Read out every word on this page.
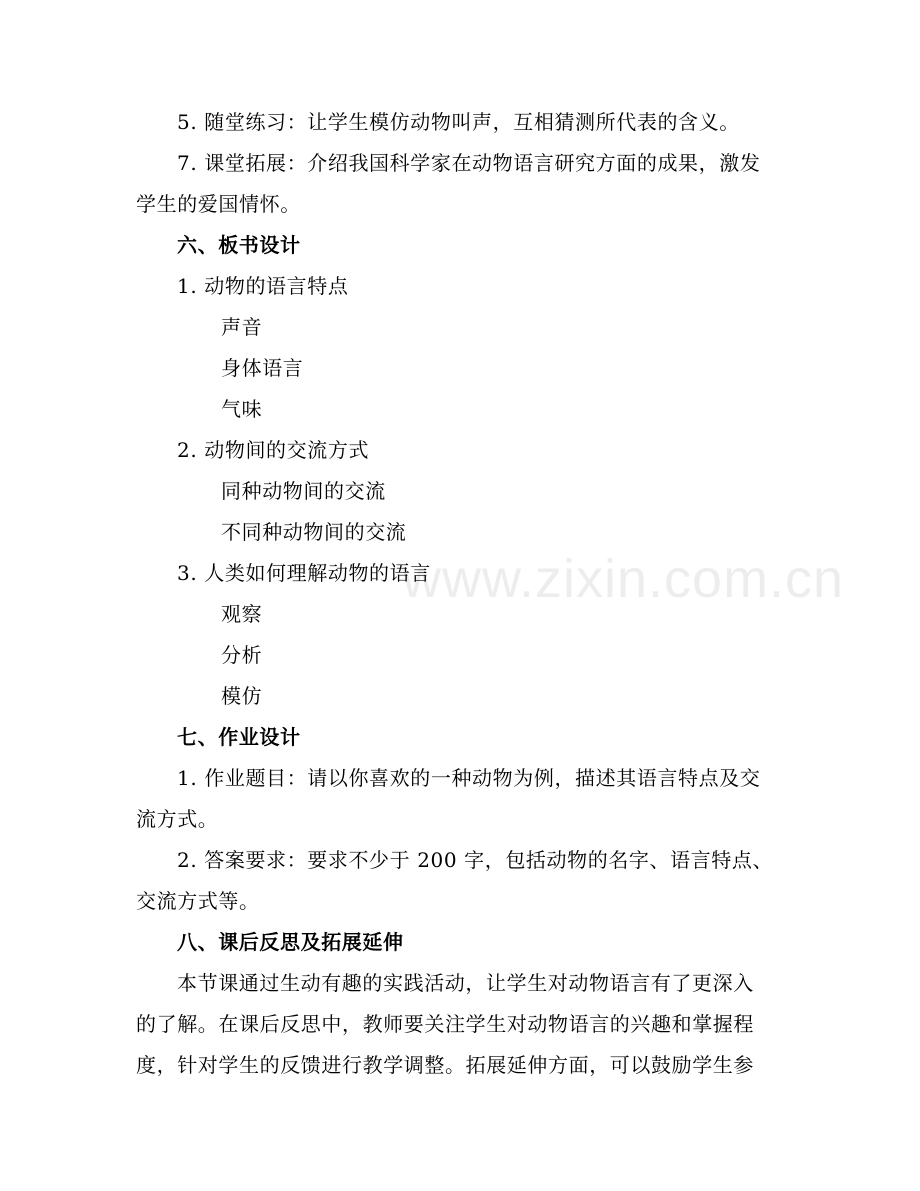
5. 随堂练习：让学生模仿动物叫声，互相猜测所代表的含义。
7. 课堂拓展：介绍我国科学家在动物语言研究方面的成果，激发
学生的爱国情怀。
六、板书设计
1. 动物的语言特点
声音
身体语言
气味
2. 动物间的交流方式
同种动物间的交流
不同种动物间的交流
3. 人类如何理解动物的语言
观察
分析
模仿
七、作业设计
1. 作业题目：请以你喜欢的一种动物为例，描述其语言特点及交
流方式。
2. 答案要求：要求不少于 200 字，包括动物的名字、语言特点、
交流方式等。
八、课后反思及拓展延伸
本节课通过生动有趣的实践活动，让学生对动物语言有了更深入
的了解。在课后反思中，教师要关注学生对动物语言的兴趣和掌握程
度，针对学生的反馈进行教学调整。拓展延伸方面，可以鼓励学生参
www.zixin.com.cn
